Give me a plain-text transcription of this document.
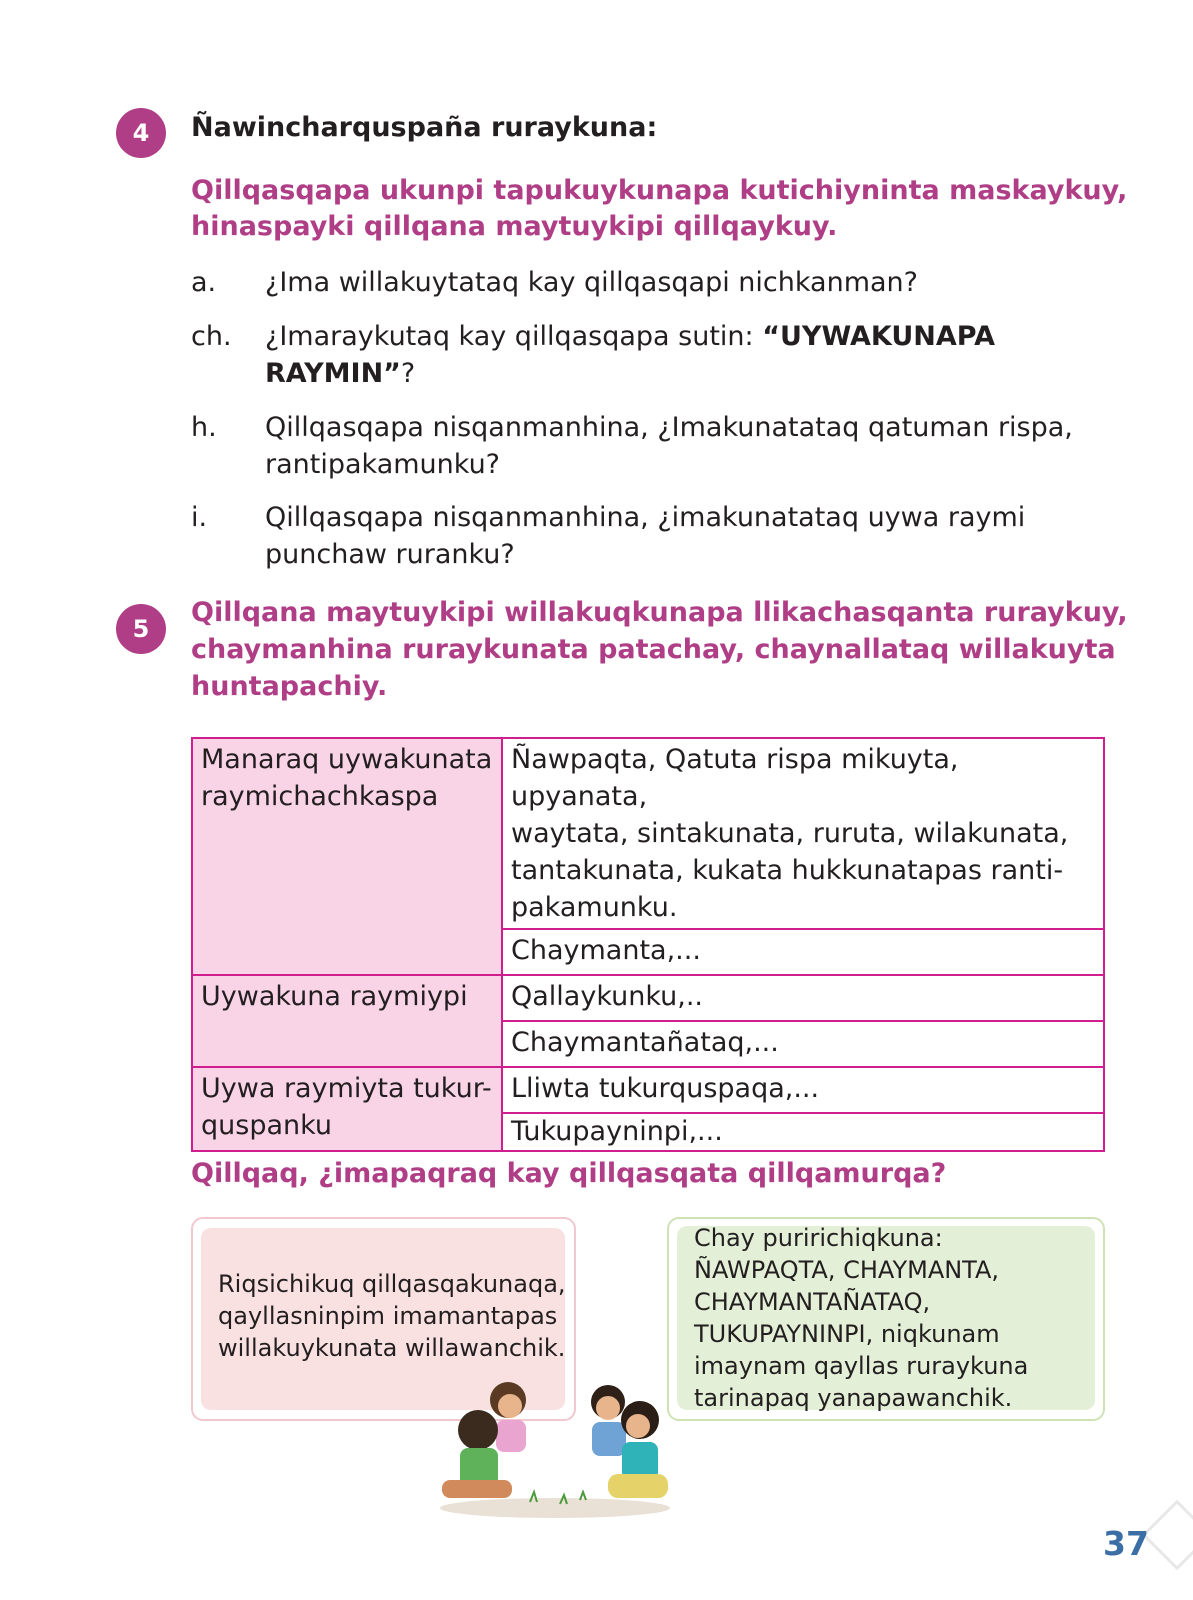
4 Ñawincharquspaña ruraykuna:
Qillqasqapa ukunpi tapukuykunapa kutichiyninta maskaykuy,
hinaspayki qillqana maytuykipi qillqaykuy.
a. ¿Ima willakuytataq kay qillqasqapi nichkanman?
ch. ¿Imaraykutaq kay qillqasqapa sutin: “UYWAKUNAPA
RAYMIN”?
h. Qillqasqapa nisqanmanhina, ¿Imakunatataq qatuman rispa,
rantipakamunku?
i. Qillqasqapa nisqanmanhina, ¿imakunatataq uywa raymi
punchaw ruranku?
5
Qillqana maytuykipi willakuqkunapa llikachasqanta ruraykuy,
chaymanhina ruraykunata patachay, chaynallataq willakuyta
huntapachiy.
Manaraq uywakunata
raymichachkaspa	Ñawpaqta, Qatuta rispa mikuyta, upyanata,
waytata, sintakunata, ruruta, wilakunata,
tantakunata, kukata hukkunatapas ranti-
pakamunku.
	Chaymanta,...
Uywakuna raymiypi	Qallaykunku,..
	Chaymantañataq,...
Uywa raymiyta tukur-
quspanku	Lliwta tukurquspaqa,...
	Tukupayninpi,...
Qillqaq, ¿imapaqraq kay qillqasqata qillqamurqa?
Riqsichikuq qillqasqakunaqa,
qayllasninpim imamantapas
willakuykunata willawanchik.
Chay puririchiqkuna:
ÑAWPAQTA, CHAYMANTA,
CHAYMANTAÑATAQ,
TUKUPAYNINPI, niqkunam
imaynam qayllas ruraykuna
tarinapaq yanapawanchik.
37
